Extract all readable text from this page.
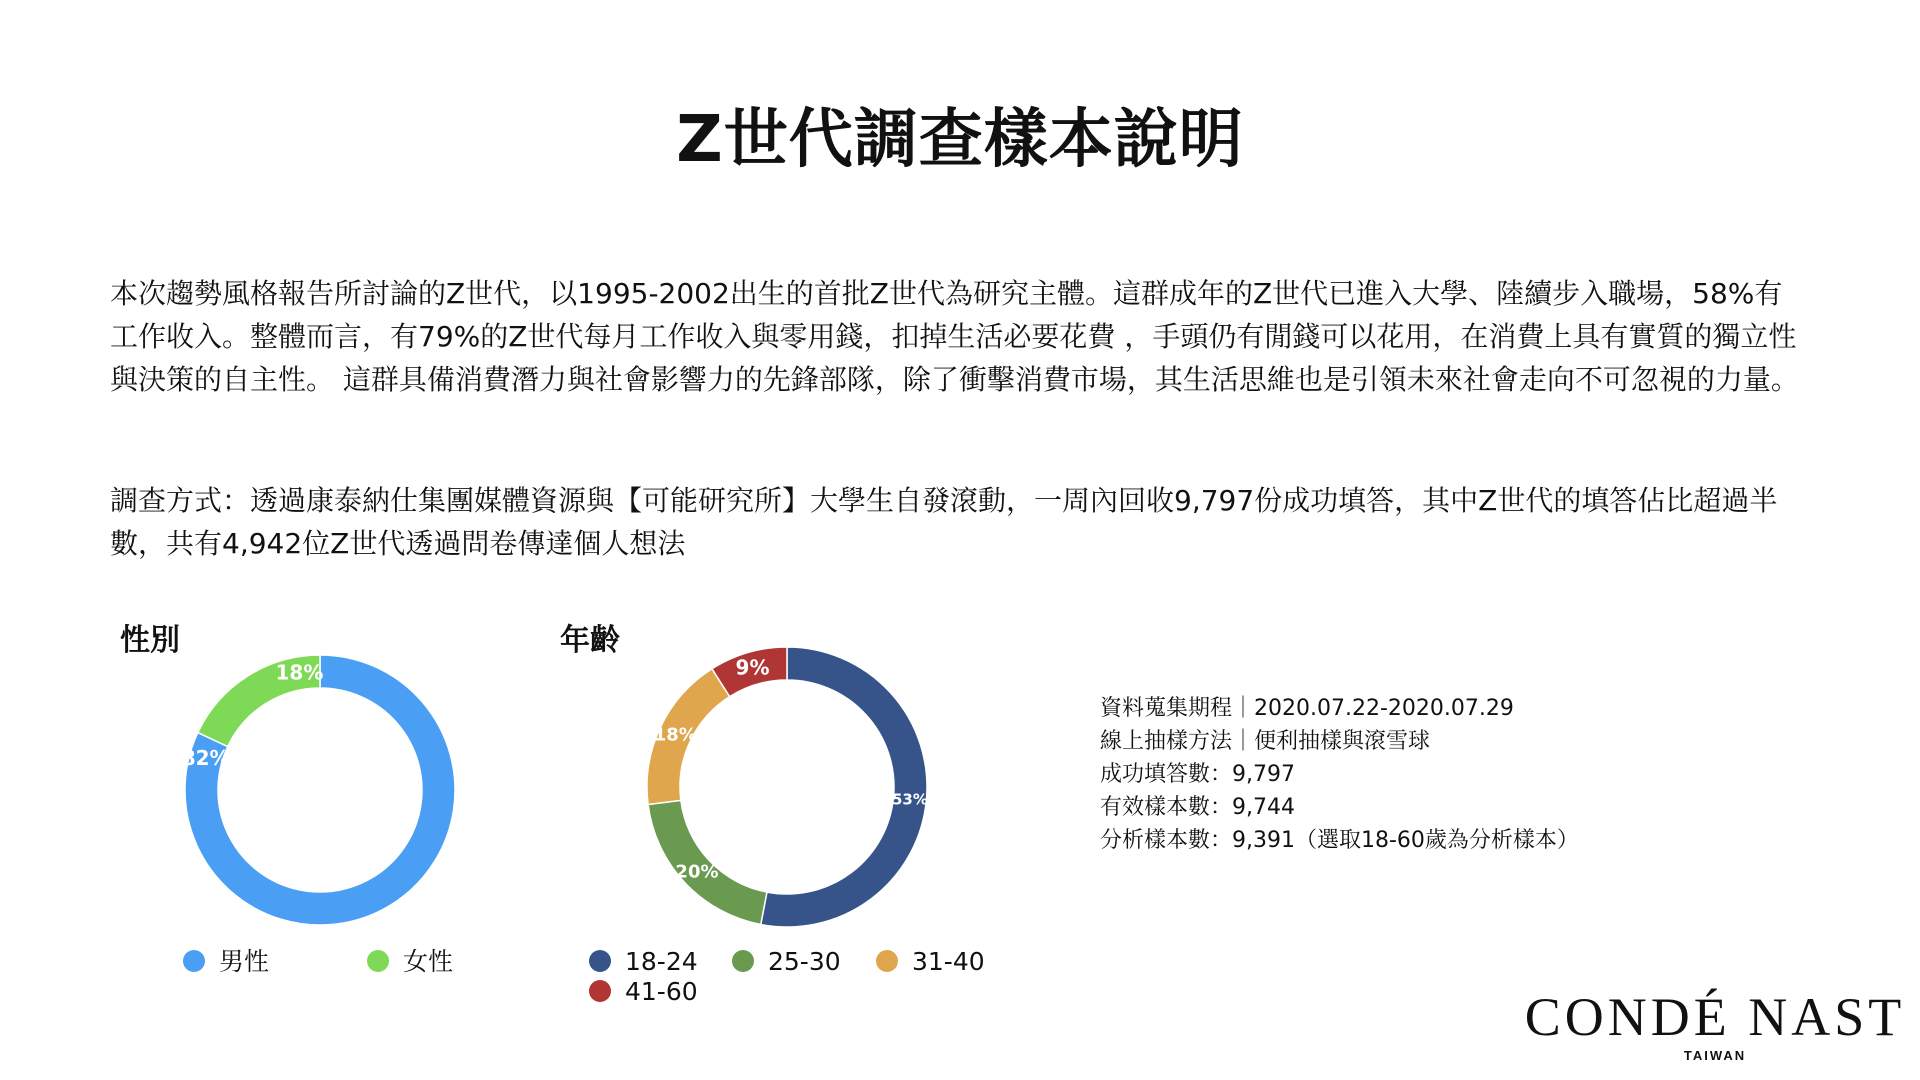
Z世代調查樣本說明
本次趨勢風格報告所討論的Z世代，以1995-2002出生的首批Z世代為研究主體。這群成年的Z世代已進入大學、陸續步入職場，58%有工作收入。整體而言，有79%的Z世代每月工作收入與零用錢，扣掉生活必要花費 ，手頭仍有閒錢可以花用，在消費上具有實質的獨立性與決策的自主性。 這群具備消費潛力與社會影響力的先鋒部隊，除了衝擊消費市場，其生活思維也是引領未來社會走向不可忽視的力量。
調查方式：透過康泰納仕集團媒體資源與【可能研究所】大學生自發滾動，一周內回收9,797份成功填答，其中Z世代的填答佔比超過半數，共有4,942位Z世代透過問卷傳達個人想法
性別	年齡
82%
18%
53%
20%
18%
9%
男性	女性	18-24	25-30	31-40
41-60
資料蒐集期程｜2020.07.22-2020.07.29
線上抽樣方法｜便利抽樣與滾雪球
成功填答數：9,797
有效樣本數：9,744
分析樣本數：9,391（選取18-60歲為分析樣本）
CONDÉ NAST
TAIWAN
